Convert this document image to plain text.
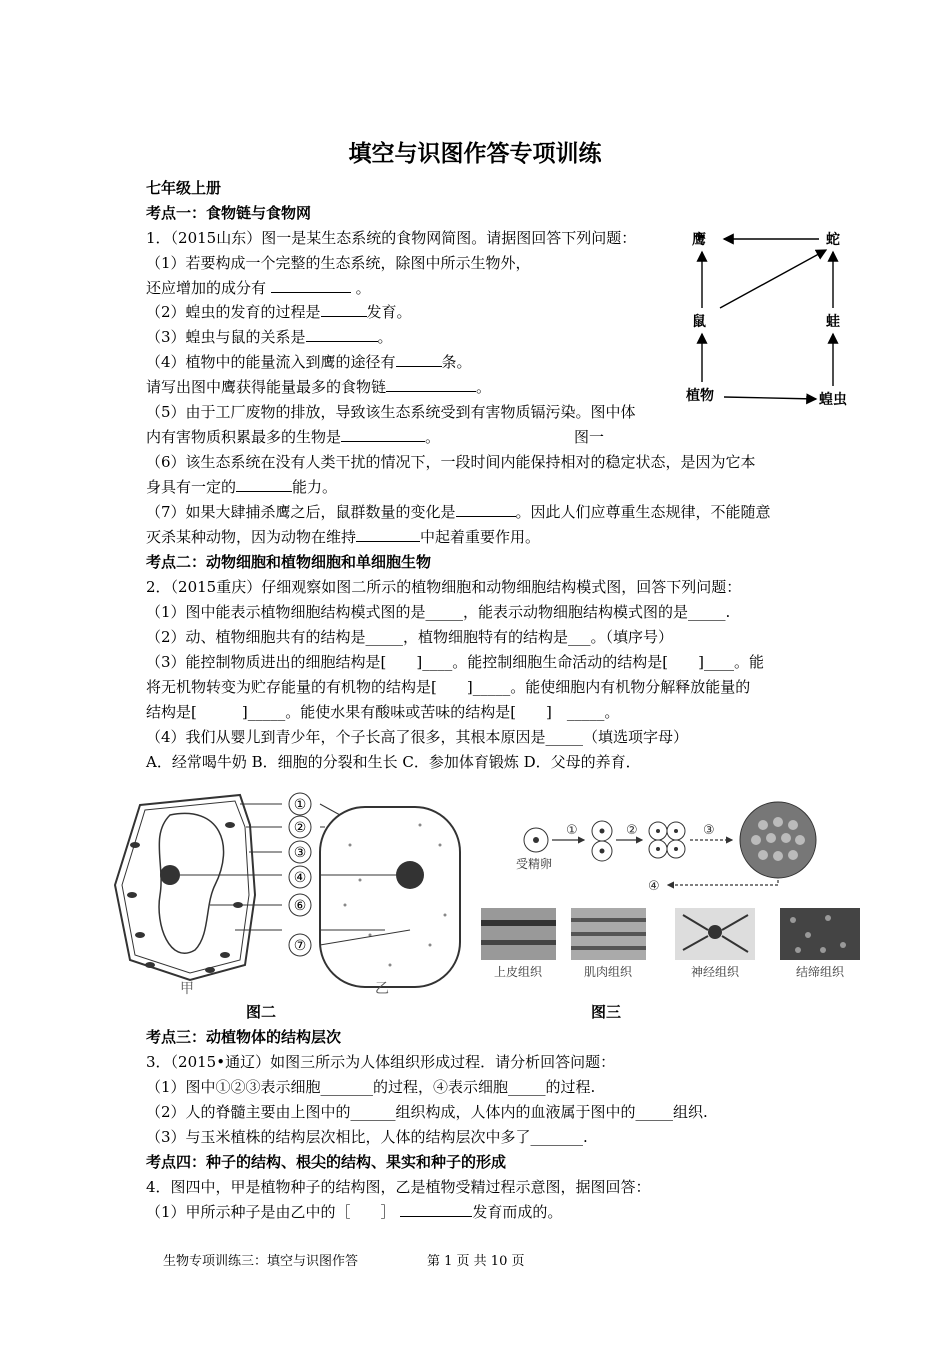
填空与识图作答专项训练
七年级上册
考点一：食物链与食物网
1．（2015山东）图一是某生态系统的食物网简图。请据图回答下列问题：
（1）若要构成一个完整的生态系统，除图中所示生物外，
还应增加的成分有	。
（2）蝗虫的发育的过程是	发育。
（3）蝗虫与鼠的关系是	。
（4）植物中的能量流入到鹰的途径有	条。
请写出图中鹰获得能量最多的食物链	。
（5）由于工厂废物的排放，导致该生态系统受到有害物质镉污染。图中体
内有害物质积累最多的生物是	。	图一
（6）该生态系统在没有人类干扰的情况下，一段时间内能保持相对的稳定状态，是因为它本
身具有一定的	能力。
（7）如果大肆捕杀鹰之后，鼠群数量的变化是	。因此人们应尊重生态规律，不能随意
灭杀某种动物，因为动物在维持	中起着重要作用。
鹰	蛇
鼠	蛙
植物	蝗虫
考点二：动物细胞和植物细胞和单细胞生物
2．（2015重庆）仔细观察如图二所示的植物细胞和动物细胞结构模式图，回答下列问题：
（1）图中能表示植物细胞结构模式图的是_____，能表示动物细胞结构模式图的是_____.
（2）动、植物细胞共有的结构是_____，植物细胞特有的结构是___。（填序号）
（3）能控制物质进出的细胞结构是[　　]____。能控制细胞生命活动的结构是[　　]____。能
将无机物转变为贮存能量的有机物的结构是[　　]_____。能使细胞内有机物分解释放能量的
结构是[　　　]_____。能使水果有酸味或苦味的结构是[　　]　_____。
（4）我们从婴儿到青少年，个子长高了很多，其根本原因是_____（填选项字母）
A．经常喝牛奶 B．细胞的分裂和生长 C．参加体育锻炼 D．父母的养育．
①
②
③
④
⑥
⑦
甲	乙
图二
①	②	③
④
受精卵
上皮组织	肌肉组织	神经组织	结缔组织
图三
考点三：动植物体的结构层次
3．（2015•通辽）如图三所示为人体组织形成过程．请分析回答问题：
（1）图中①②③表示细胞_______的过程，④表示细胞_____的过程.
（2）人的脊髓主要由上图中的______组织构成，人体内的血液属于图中的_____组织.
（3）与玉米植株的结构层次相比，人体的结构层次中多了_______.
考点四：种子的结构、根尖的结构、果实和种子的形成
4．图四中，甲是植物种子的结构图，乙是植物受精过程示意图，据图回答：
（1）甲所示种子是由乙中的［　　］	发育而成的。
生物专项训练三：填空与识图作答	第 1 页 共 10 页
